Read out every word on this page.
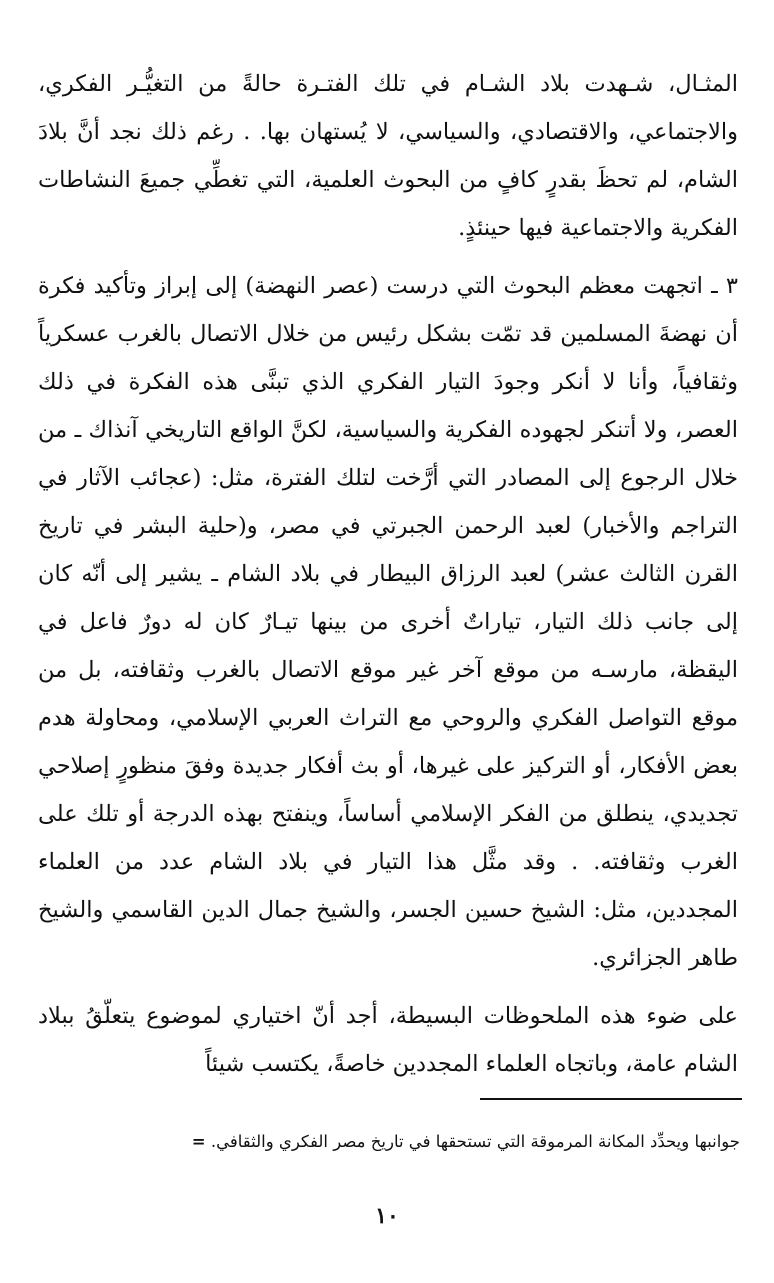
المثـال، شـهدت بلاد الشـام في تلك الفتـرة حالةً من التغيُّـر الفكري، والاجتماعي، والاقتصادي، والسياسي، لا يُستهان بها. . رغم ذلك نجد أنَّ بلادَ الشام، لم تحظَ بقدرٍ كافٍ من البحوث العلمية، التي تغطِّي جميعَ النشاطات الفكرية والاجتماعية فيها حينئذٍ.

٣ ـ اتجهت معظم البحوث التي درست (عصر النهضة) إلى إبراز وتأكيد فكرة أن نهضةَ المسلمين قد تمّت بشكل رئيس من خلال الاتصال بالغرب عسكرياً وثقافياً، وأنا لا أنكر وجودَ التيار الفكري الذي تبنَّى هذه الفكرة في ذلك العصر، ولا أتنكر لجهوده الفكرية والسياسية، لكنَّ الواقع التاريخي آنذاك ـ من خلال الرجوع إلى المصادر التي أرَّخت لتلك الفترة، مثل: (عجائب الآثار في التراجم والأخبار) لعبد الرحمن الجبرتي في مصر، و(حلية البشر في تاريخ القرن الثالث عشر) لعبد الرزاق البيطار في بلاد الشام ـ يشير إلى أنّه كان إلى جانب ذلك التيار، تياراتٌ أخرى من بينها تيـارٌ كان له دورٌ فاعل في اليقظة، مارسـه من موقع آخر غير موقع الاتصال بالغرب وثقافته، بل من موقع التواصل الفكري والروحي مع التراث العربي الإسلامي، ومحاولة هدم بعض الأفكار، أو التركيز على غيرها، أو بث أفكار جديدة وفقَ منظورٍ إصلاحي تجديدي، ينطلق من الفكر الإسلامي أساساً، وينفتح بهذه الدرجة أو تلك على الغرب وثقافته. . وقد مثَّل هذا التيار في بلاد الشام عدد من العلماء المجددين، مثل: الشيخ حسين الجسر، والشيخ جمال الدين القاسمي والشيخ طاهر الجزائري.

على ضوء هذه الملحوظات البسيطة، أجد أنّ اختياري لموضوع يتعلّقُ ببلاد الشام عامة، وباتجاه العلماء المجددين خاصةً، يكتسب شيئاً

جوانبها ويحدِّد المكانة المرموقة التي تستحقها في تاريخ مصر الفكري والثقافي. =
١٠
